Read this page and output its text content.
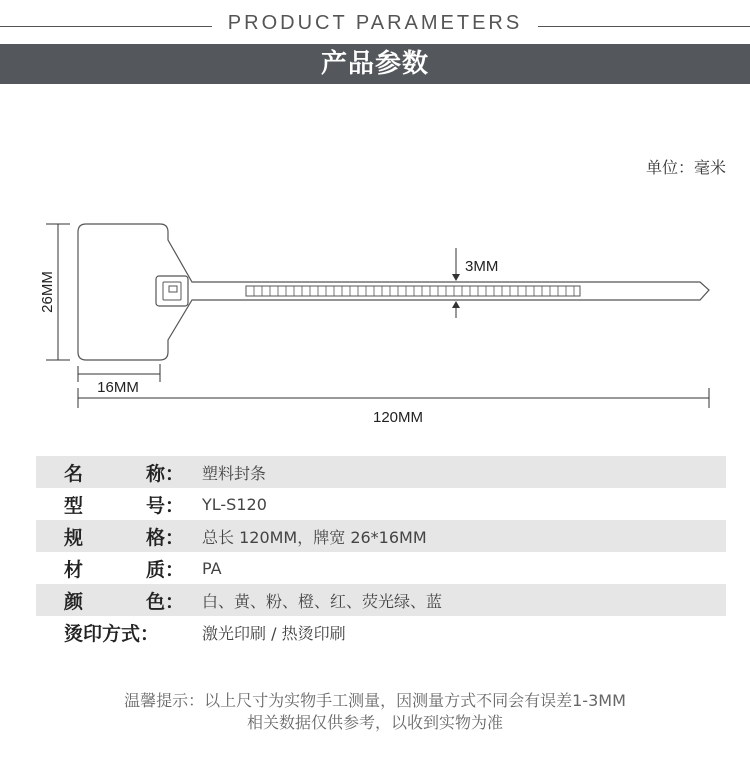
PRODUCT PARAMETERS
产品参数
单位：毫米
26MM
3MM
16MM
120MM
名	称：	塑料封条
型	号：	YL-S120
规	格：	总长 120MM，牌宽 26*16MM
材	质：	PA
颜	色：	白、黄、粉、橙、红、荧光绿、蓝
烫印方式：	激光印刷 / 热烫印刷
温馨提示：以上尺寸为实物手工测量，因测量方式不同会有误差1-3MM
相关数据仅供参考，以收到实物为准
